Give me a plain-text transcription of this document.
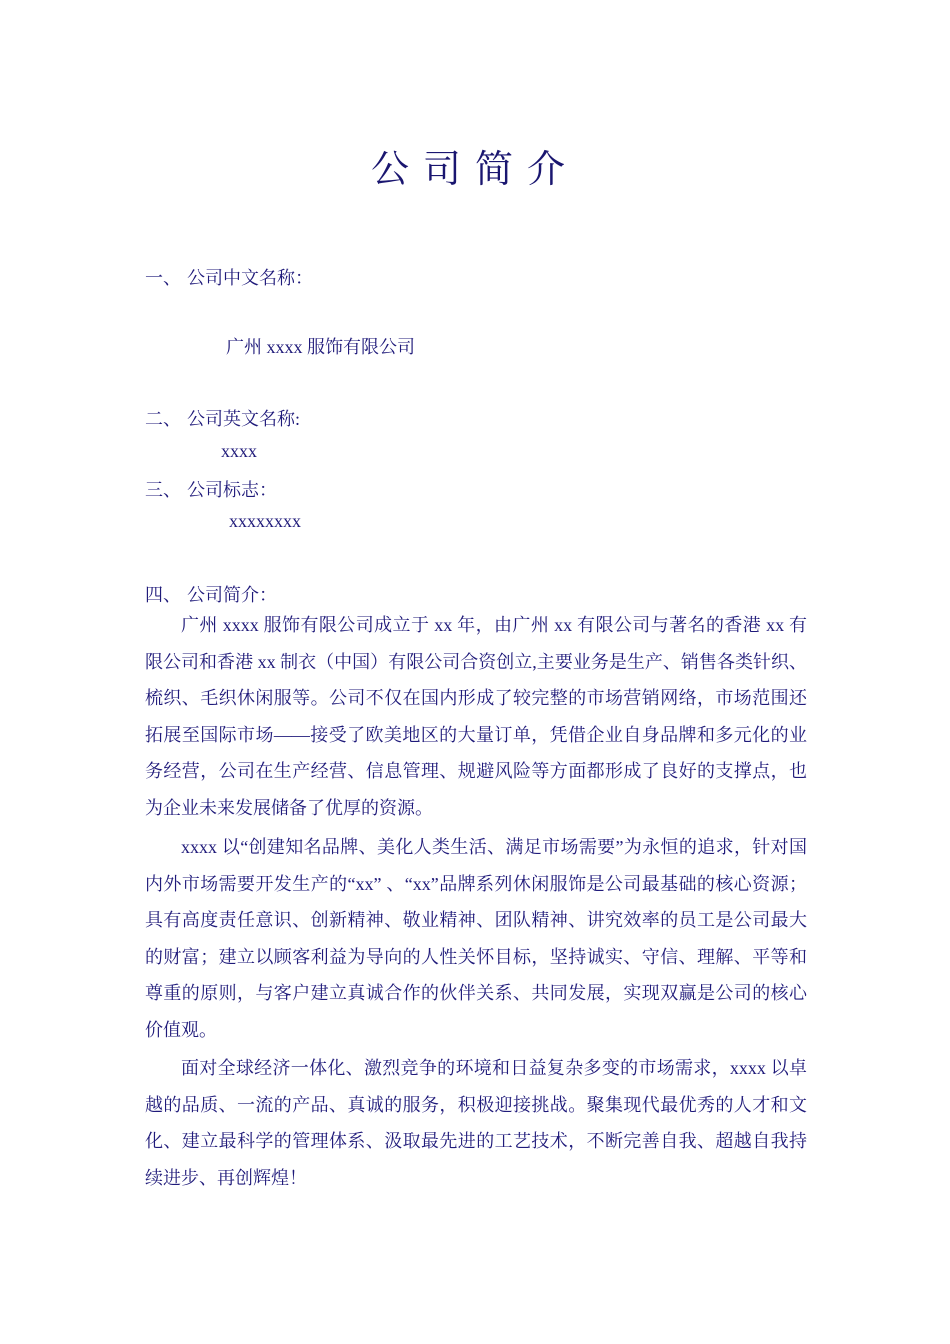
公司简介
一、 公司中文名称：
广州 xxxx 服饰有限公司
二、 公司英文名称:
xxxx
三、 公司标志：
xxxxxxxx
四、 公司简介：

广州 xxxx 服饰有限公司成立于 xx 年，由广州 xx 有限公司与著名的香港 xx 有限公司和香港 xx 制衣（中国）有限公司合资创立,主要业务是生产、销售各类针织、梳织、毛织休闲服等。公司不仅在国内形成了较完整的市场营销网络，市场范围还拓展至国际市场——接受了欧美地区的大量订单，凭借企业自身品牌和多元化的业务经营，公司在生产经营、信息管理、规避风险等方面都形成了良好的支撑点，也为企业未来发展储备了优厚的资源。

xxxx 以“创建知名品牌、美化人类生活、满足市场需要”为永恒的追求，针对国内外市场需要开发生产的“xx” 、“xx”品牌系列休闲服饰是公司最基础的核心资源；具有高度责任意识、创新精神、敬业精神、团队精神、讲究效率的员工是公司最大的财富；建立以顾客利益为导向的人性关怀目标，坚持诚实、守信、理解、平等和尊重的原则，与客户建立真诚合作的伙伴关系、共同发展，实现双赢是公司的核心价值观。

面对全球经济一体化、激烈竞争的环境和日益复杂多变的市场需求，xxxx 以卓越的品质、一流的产品、真诚的服务，积极迎接挑战。聚集现代最优秀的人才和文化、建立最科学的管理体系、汲取最先进的工艺技术，不断完善自我、超越自我持续进步、再创辉煌！
